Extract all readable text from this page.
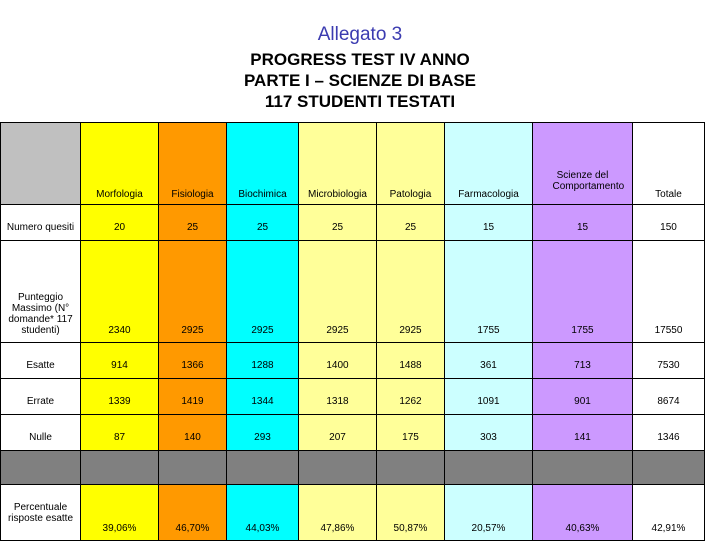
Allegato 3
PROGRESS TEST IV ANNO
PARTE I – SCIENZE DI BASE
117 STUDENTI TESTATI
	Morfologia	Fisiologia	Biochimica	Microbiologia	Patologia	Farmacologia	Scienze del Comportamento	Totale
Numero quesiti	20	25	25	25	25	15	15	150
Punteggio Massimo (N° domande* 117 studenti)	2340	2925	2925	2925	2925	1755	1755	17550
Esatte	914	1366	1288	1400	1488	361	713	7530
Errate	1339	1419	1344	1318	1262	1091	901	8674
Nulle	87	140	293	207	175	303	141	1346

Percentuale risposte esatte	39,06%	46,70%	44,03%	47,86%	50,87%	20,57%	40,63%	42,91%
